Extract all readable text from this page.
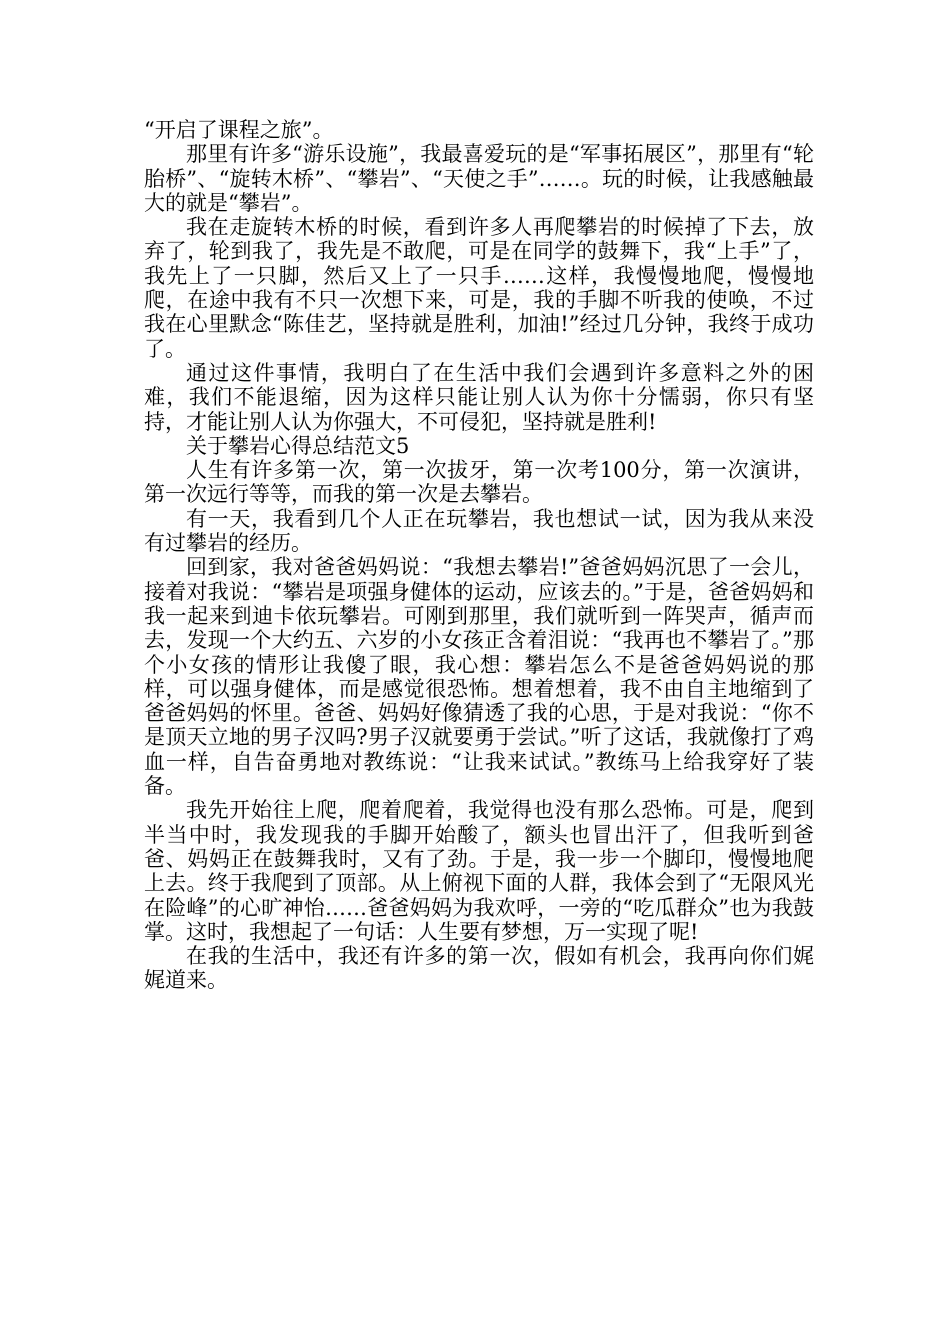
“开启了课程之旅”。

那里有许多“游乐设施”，我最喜爱玩的是“军事拓展区”，那里有“轮胎桥”、“旋转木桥”、“攀岩”、“天使之手”……。玩的时候，让我感触最大的就是“攀岩”。

我在走旋转木桥的时候，看到许多人再爬攀岩的时候掉了下去，放弃了，轮到我了，我先是不敢爬，可是在同学的鼓舞下，我“上手”了，我先上了一只脚，然后又上了一只手……这样，我慢慢地爬，慢慢地爬，在途中我有不只一次想下来，可是，我的手脚不听我的使唤，不过我在心里默念“陈佳艺，坚持就是胜利，加油!”经过几分钟，我终于成功了。

通过这件事情，我明白了在生活中我们会遇到许多意料之外的困难，我们不能退缩，因为这样只能让别人认为你十分懦弱，你只有坚持，才能让别人认为你强大，不可侵犯，坚持就是胜利!

关于攀岩心得总结范文5

人生有许多第一次，第一次拔牙，第一次考100分，第一次演讲，第一次远行等等，而我的第一次是去攀岩。

有一天，我看到几个人正在玩攀岩，我也想试一试，因为我从来没有过攀岩的经历。

回到家，我对爸爸妈妈说：“我想去攀岩!”爸爸妈妈沉思了一会儿，接着对我说：“攀岩是项强身健体的运动，应该去的。”于是，爸爸妈妈和我一起来到迪卡依玩攀岩。可刚到那里，我们就听到一阵哭声，循声而去，发现一个大约五、六岁的小女孩正含着泪说：“我再也不攀岩了。”那个小女孩的情形让我傻了眼，我心想：攀岩怎么不是爸爸妈妈说的那样，可以强身健体，而是感觉很恐怖。想着想着，我不由自主地缩到了爸爸妈妈的怀里。爸爸、妈妈好像猜透了我的心思，于是对我说：“你不是顶天立地的男子汉吗?男子汉就要勇于尝试。”听了这话，我就像打了鸡血一样，自告奋勇地对教练说：“让我来试试。”教练马上给我穿好了装备。

我先开始往上爬，爬着爬着，我觉得也没有那么恐怖。可是，爬到半当中时，我发现我的手脚开始酸了，额头也冒出汗了，但我听到爸爸、妈妈正在鼓舞我时，又有了劲。于是，我一步一个脚印，慢慢地爬上去。终于我爬到了顶部。从上俯视下面的人群，我体会到了“无限风光在险峰”的心旷神怡……爸爸妈妈为我欢呼，一旁的“吃瓜群众”也为我鼓掌。这时，我想起了一句话：人生要有梦想，万一实现了呢!

在我的生活中，我还有许多的第一次，假如有机会，我再向你们娓娓道来。
